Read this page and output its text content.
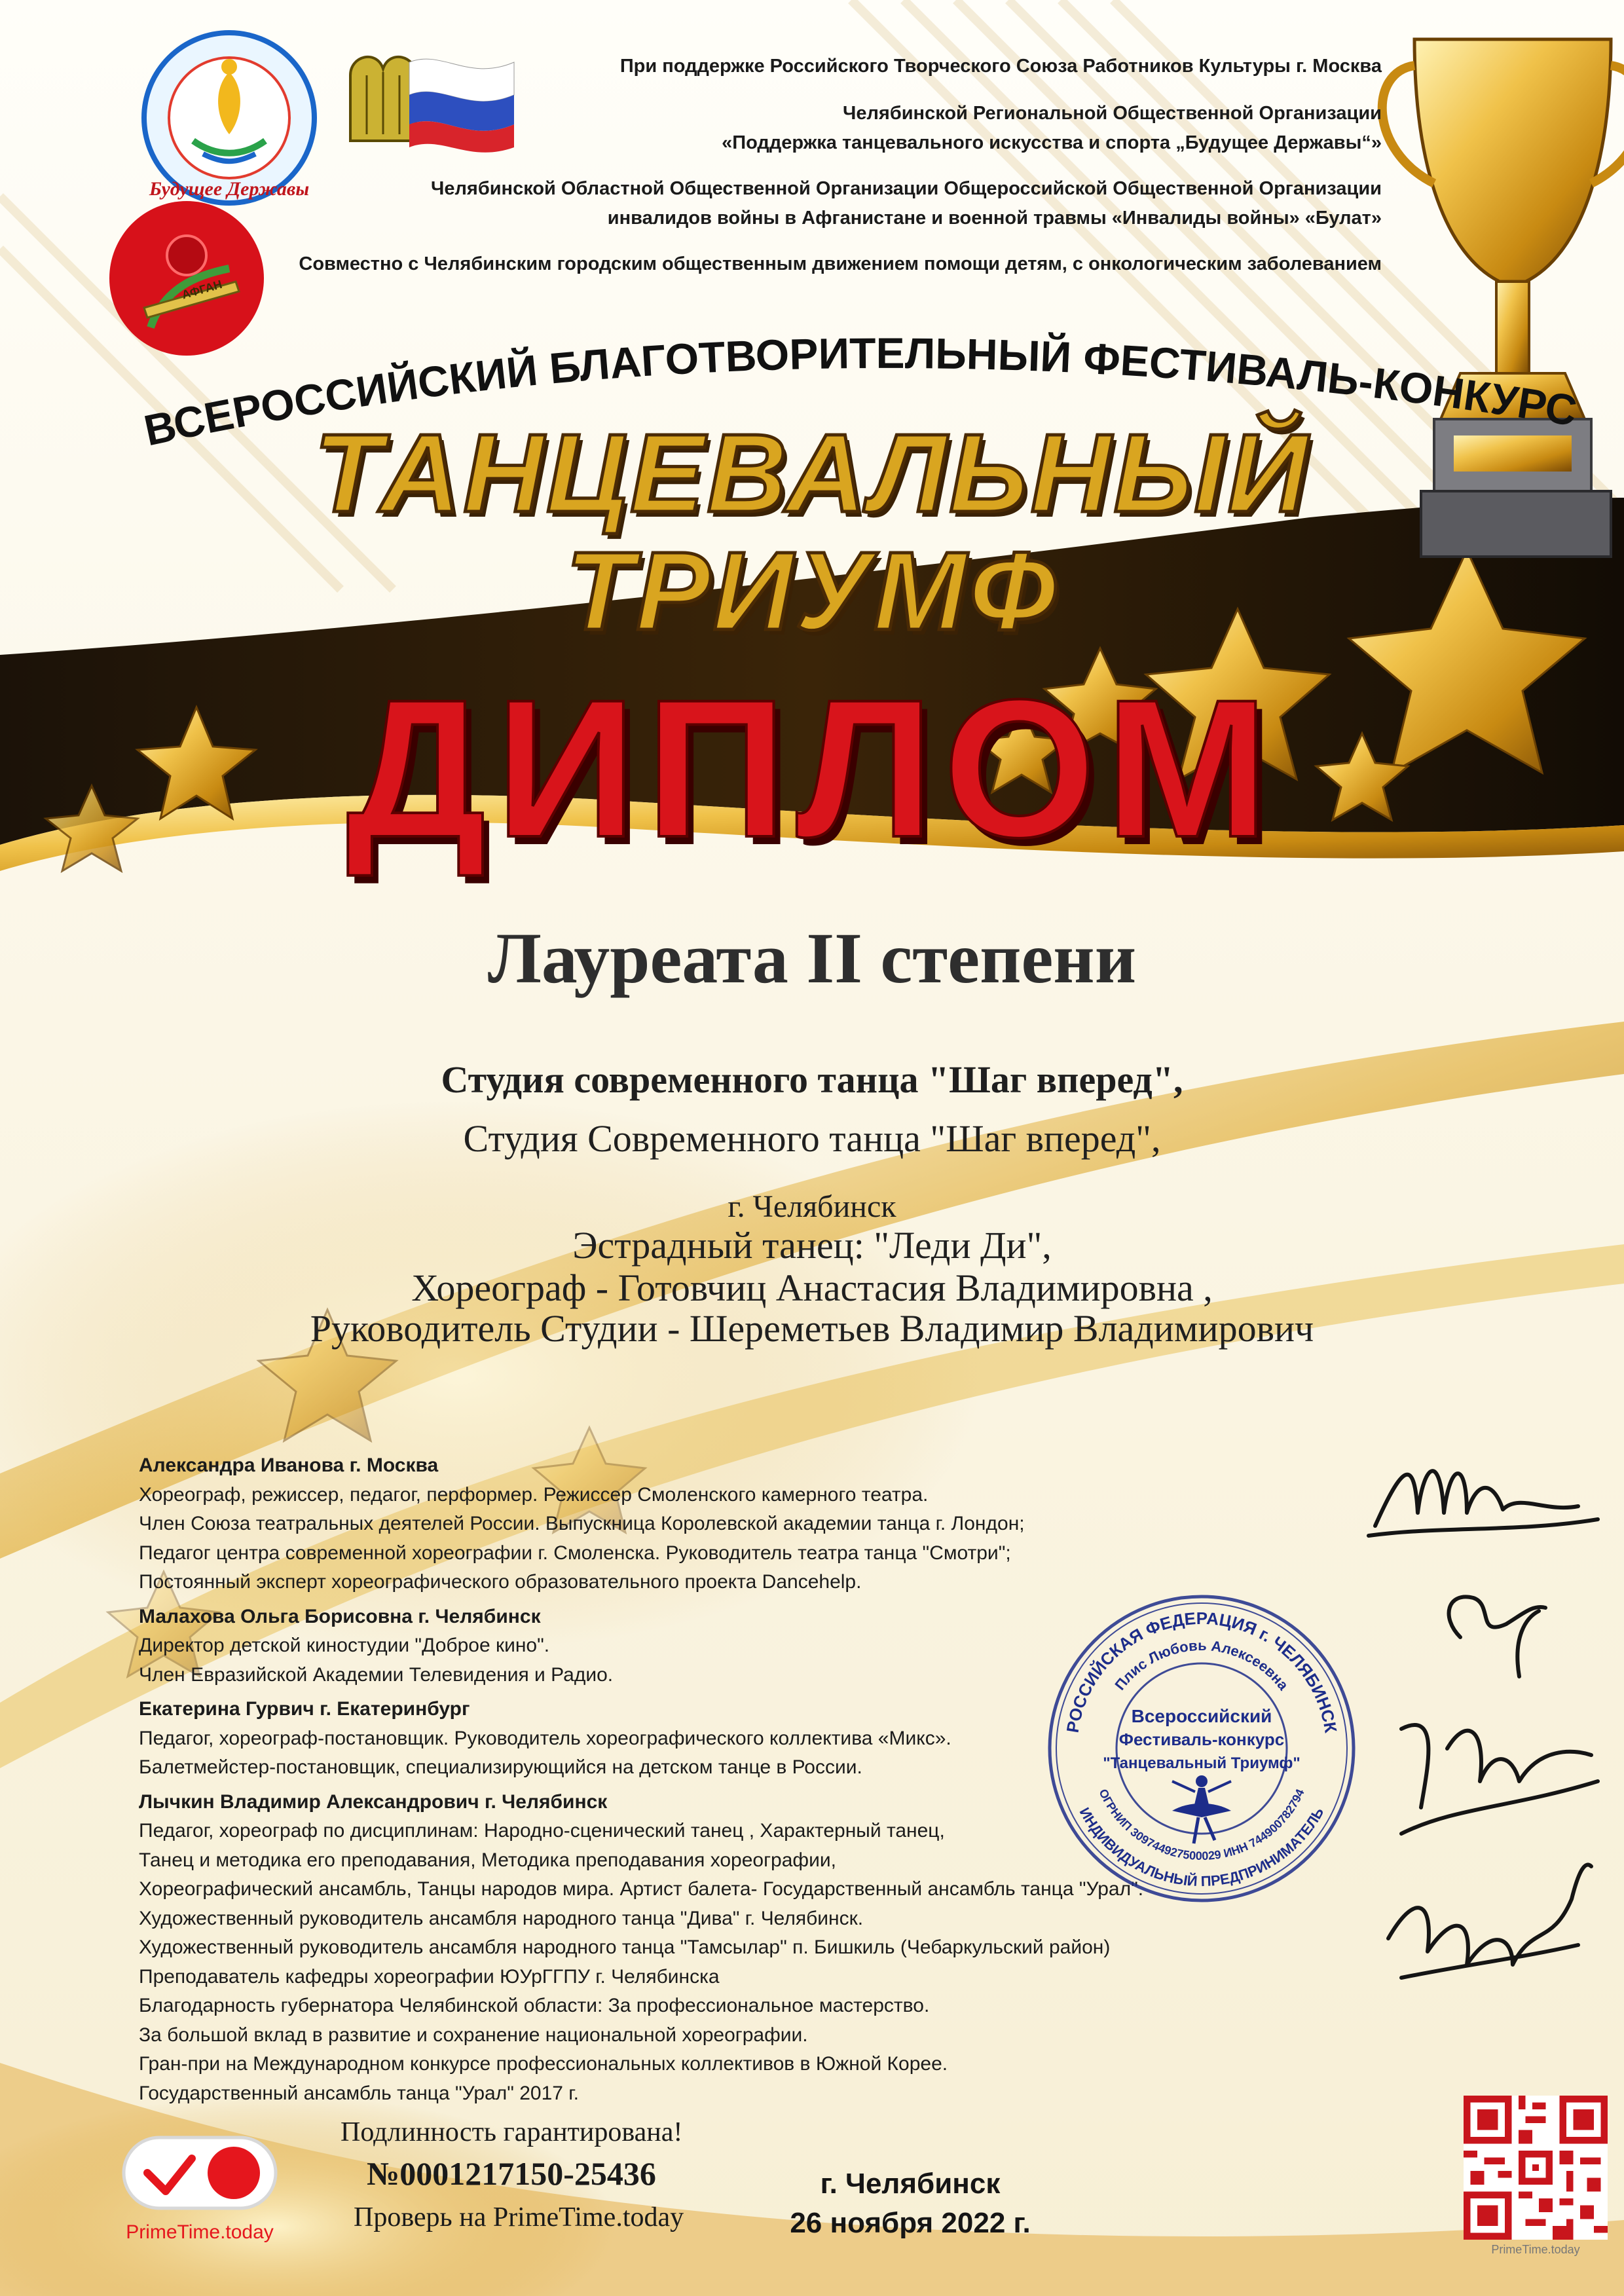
Будущее Державы
АФГАН
При поддержке Российского Творческого Союза Работников Культуры г. Москва
Челябинской Региональной Общественной Организации
«Поддержка танцевального искусства и спорта „Будущее Державы“»
Челябинской Областной Общественной Организации Общероссийской Общественной Организации
инвалидов войны в Афганистане и военной травмы «Инвалиды войны» «Булат»
Совместно с Челябинским городским общественным движением помощи детям, с онкологическим заболеванием
ВСЕРОССИЙСКИЙ БЛАГОТВОРИТЕЛЬНЫЙ ФЕСТИВАЛЬ-КОНКУРС
ТАНЦЕВАЛЬНЫЙ
ТРИУМФ
ДИПЛОМ
Лауреата II степени
Студия современного танца "Шаг вперед",
Студия Современного танца "Шаг вперед",
г. Челябинск
Эстрадный танец: "Леди Ди",
Хореограф - Готовчиц Анастасия Владимировна ,
Руководитель Студии - Шереметьев Владимир Владимирович
Александра Иванова г. Москва
Хореограф, режиссер, педагог, перформер. Режиссер Смоленского камерного театра.
Член Союза театральных деятелей России. Выпускница Королевской академии танца г. Лондон;
Педагог центра современной хореографии г. Смоленска. Руководитель театра танца "Смотри";
Постоянный эксперт хореографического образовательного проекта Dancehelp.
Малахова Ольга Борисовна г. Челябинск
Директор детской киностудии "Доброе кино".
Член Евразийской Академии Телевидения и Радио.
Екатерина Гурвич г. Екатеринбург
Педагог, хореограф-постановщик. Руководитель хореографического коллектива «Микс».
Балетмейстер-постановщик, специализирующийся на детском танце в России.
Лычкин Владимир Александрович г. Челябинск
Педагог, хореограф по дисциплинам: Народно-сценический танец , Характерный танец,
Танец и методика его преподавания, Методика преподавания хореографии,
Хореографический ансамбль, Танцы народов мира. Артист балета- Государственный ансамбль танца "Урал".
Художественный руководитель ансамбля народного танца "Дива" г. Челябинск.
Художественный руководитель ансамбля народного танца "Тамсылар" п. Бишкиль (Чебаркульский район)
Преподаватель кафедры хореографии ЮУрГГПУ г. Челябинска
Благодарность губернатора Челябинской области: За профессиональное мастерство.
За большой вклад в развитие и сохранение национальной хореографии.
Гран-при на Международном конкурсе профессиональных коллективов в Южной Корее.
Государственный ансамбль танца "Урал" 2017 г.
РОССИЙСКАЯ ФЕДЕРАЦИЯ г. ЧЕЛЯБИНСК
Плис Любовь Алексеевна
ИНДИВИДУАЛЬНЫЙ ПРЕДПРИНИМАТЕЛЬ
ОГРНИП 309744927500029 ИНН 744900782794
Всероссийский
Фестиваль-конкурс
"Танцевальный Триумф"
Подлинность гарантирована!
№0001217150-25436
Проверь на PrimeTime.today
PrimeTime.today
г. Челябинск
26 ноября 2022 г.
PrimeTime.today
